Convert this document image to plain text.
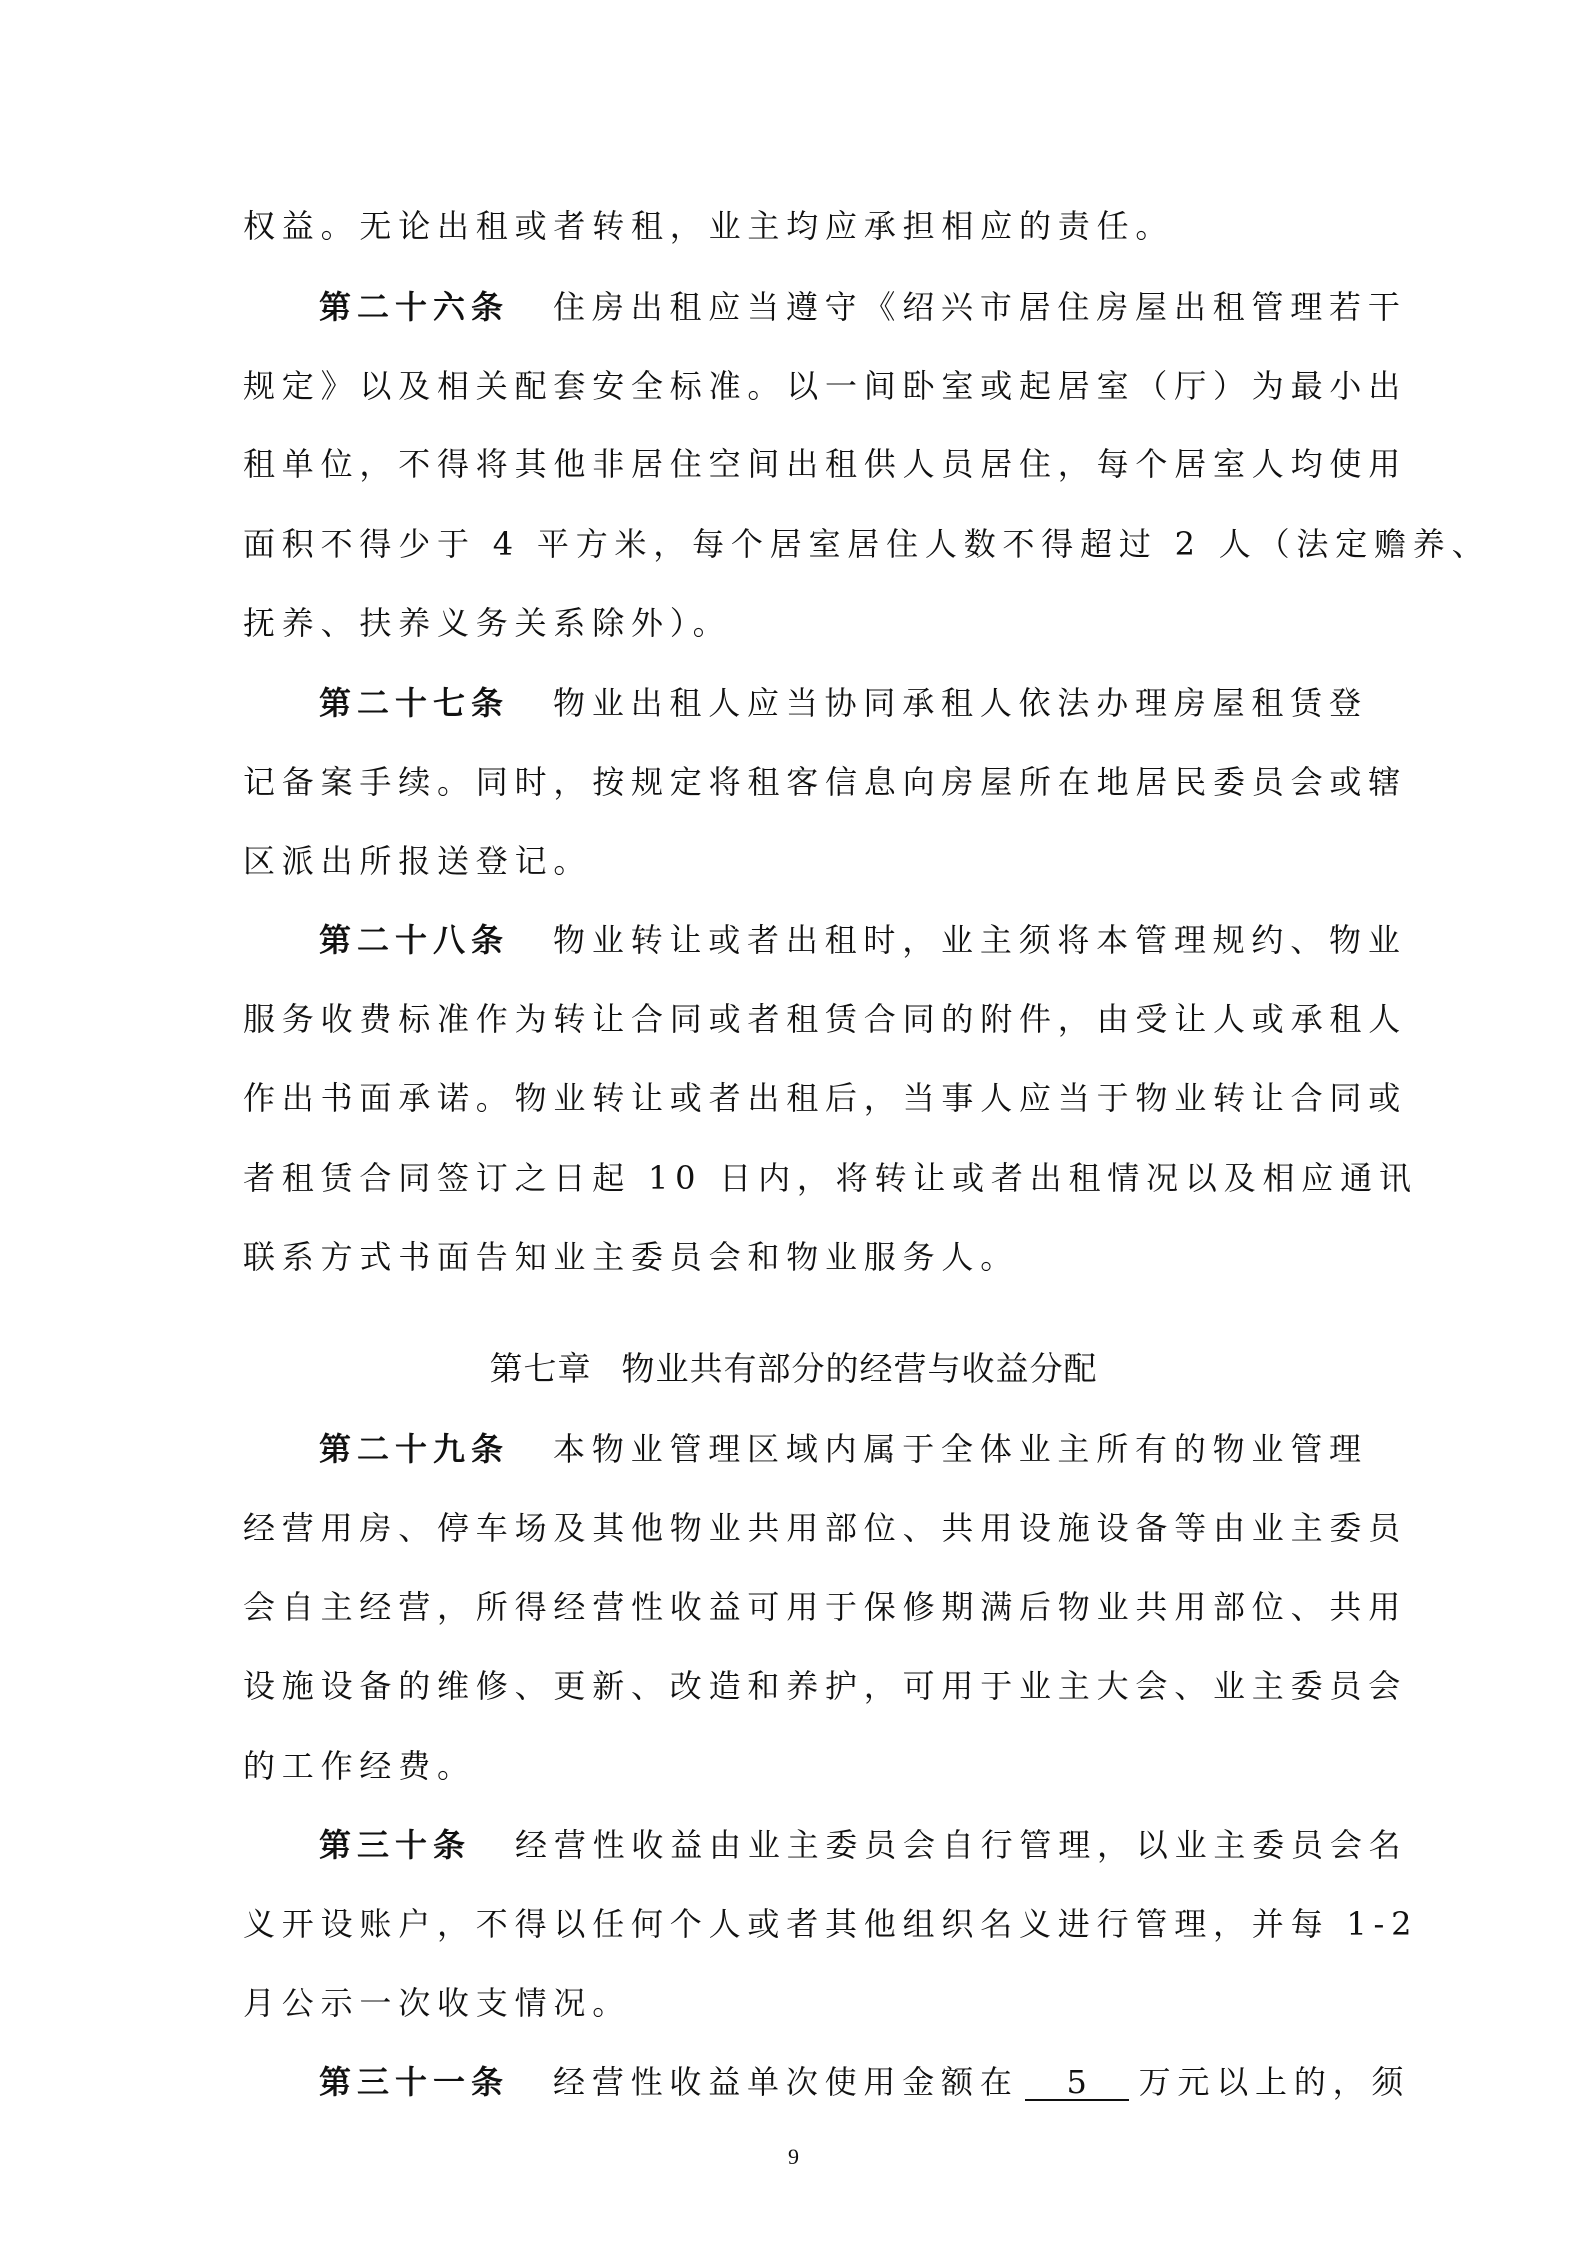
权益。无论出租或者转租，业主均应承担相应的责任。
第二十六条 住房出租应当遵守《绍兴市居住房屋出租管理若干
规定》以及相关配套安全标准。以一间卧室或起居室（厅）为最小出
租单位，不得将其他非居住空间出租供人员居住，每个居室人均使用
面积不得少于 4 平方米，每个居室居住人数不得超过 2 人（法定赡养、
抚养、扶养义务关系除外）。
第二十七条 物业出租人应当协同承租人依法办理房屋租赁登
记备案手续。同时，按规定将租客信息向房屋所在地居民委员会或辖
区派出所报送登记。
第二十八条 物业转让或者出租时，业主须将本管理规约、物业
服务收费标准作为转让合同或者租赁合同的附件，由受让人或承租人
作出书面承诺。物业转让或者出租后，当事人应当于物业转让合同或
者租赁合同签订之日起 10 日内，将转让或者出租情况以及相应通讯
联系方式书面告知业主委员会和物业服务人。
第二十九条 本物业管理区域内属于全体业主所有的物业管理
经营用房、停车场及其他物业共用部位、共用设施设备等由业主委员
会自主经营，所得经营性收益可用于保修期满后物业共用部位、共用
设施设备的维修、更新、改造和养护，可用于业主大会、业主委员会
的工作经费。
第三十条 经营性收益由业主委员会自行管理，以业主委员会名
义开设账户，不得以任何个人或者其他组织名义进行管理，并每 1-2
月公示一次收支情况。
第三十一条 经营性收益单次使用金额在 5 万元以上的，须
第七章 物业共有部分的经营与收益分配
9
